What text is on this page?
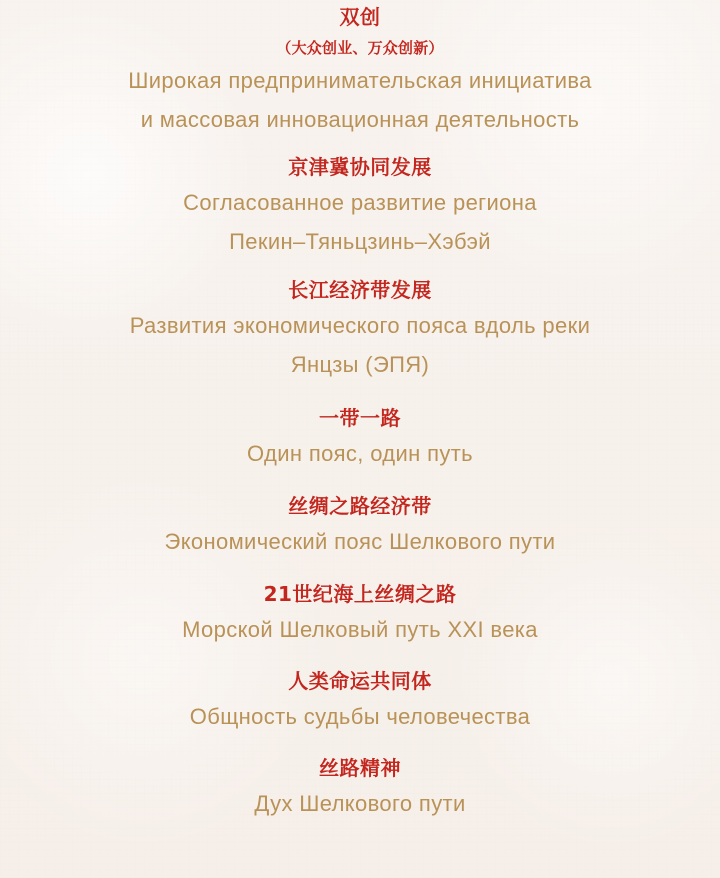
双创
（大众创业、万众创新）
Широкая предпринимательская инициатива
и массовая инновационная деятельность
京津冀协同发展
Согласованное развитие региона
Пекин–Тяньцзинь–Хэбэй
长江经济带发展
Развития экономического пояса вдоль реки
Янцзы (ЭПЯ)
一带一路
Один пояс, один путь
丝绸之路经济带
Экономический пояс Шелкового пути
21世纪海上丝绸之路
Морской Шелковый путь XXI века
人类命运共同体
Общность судьбы человечества
丝路精神
Дух Шелкового пути
